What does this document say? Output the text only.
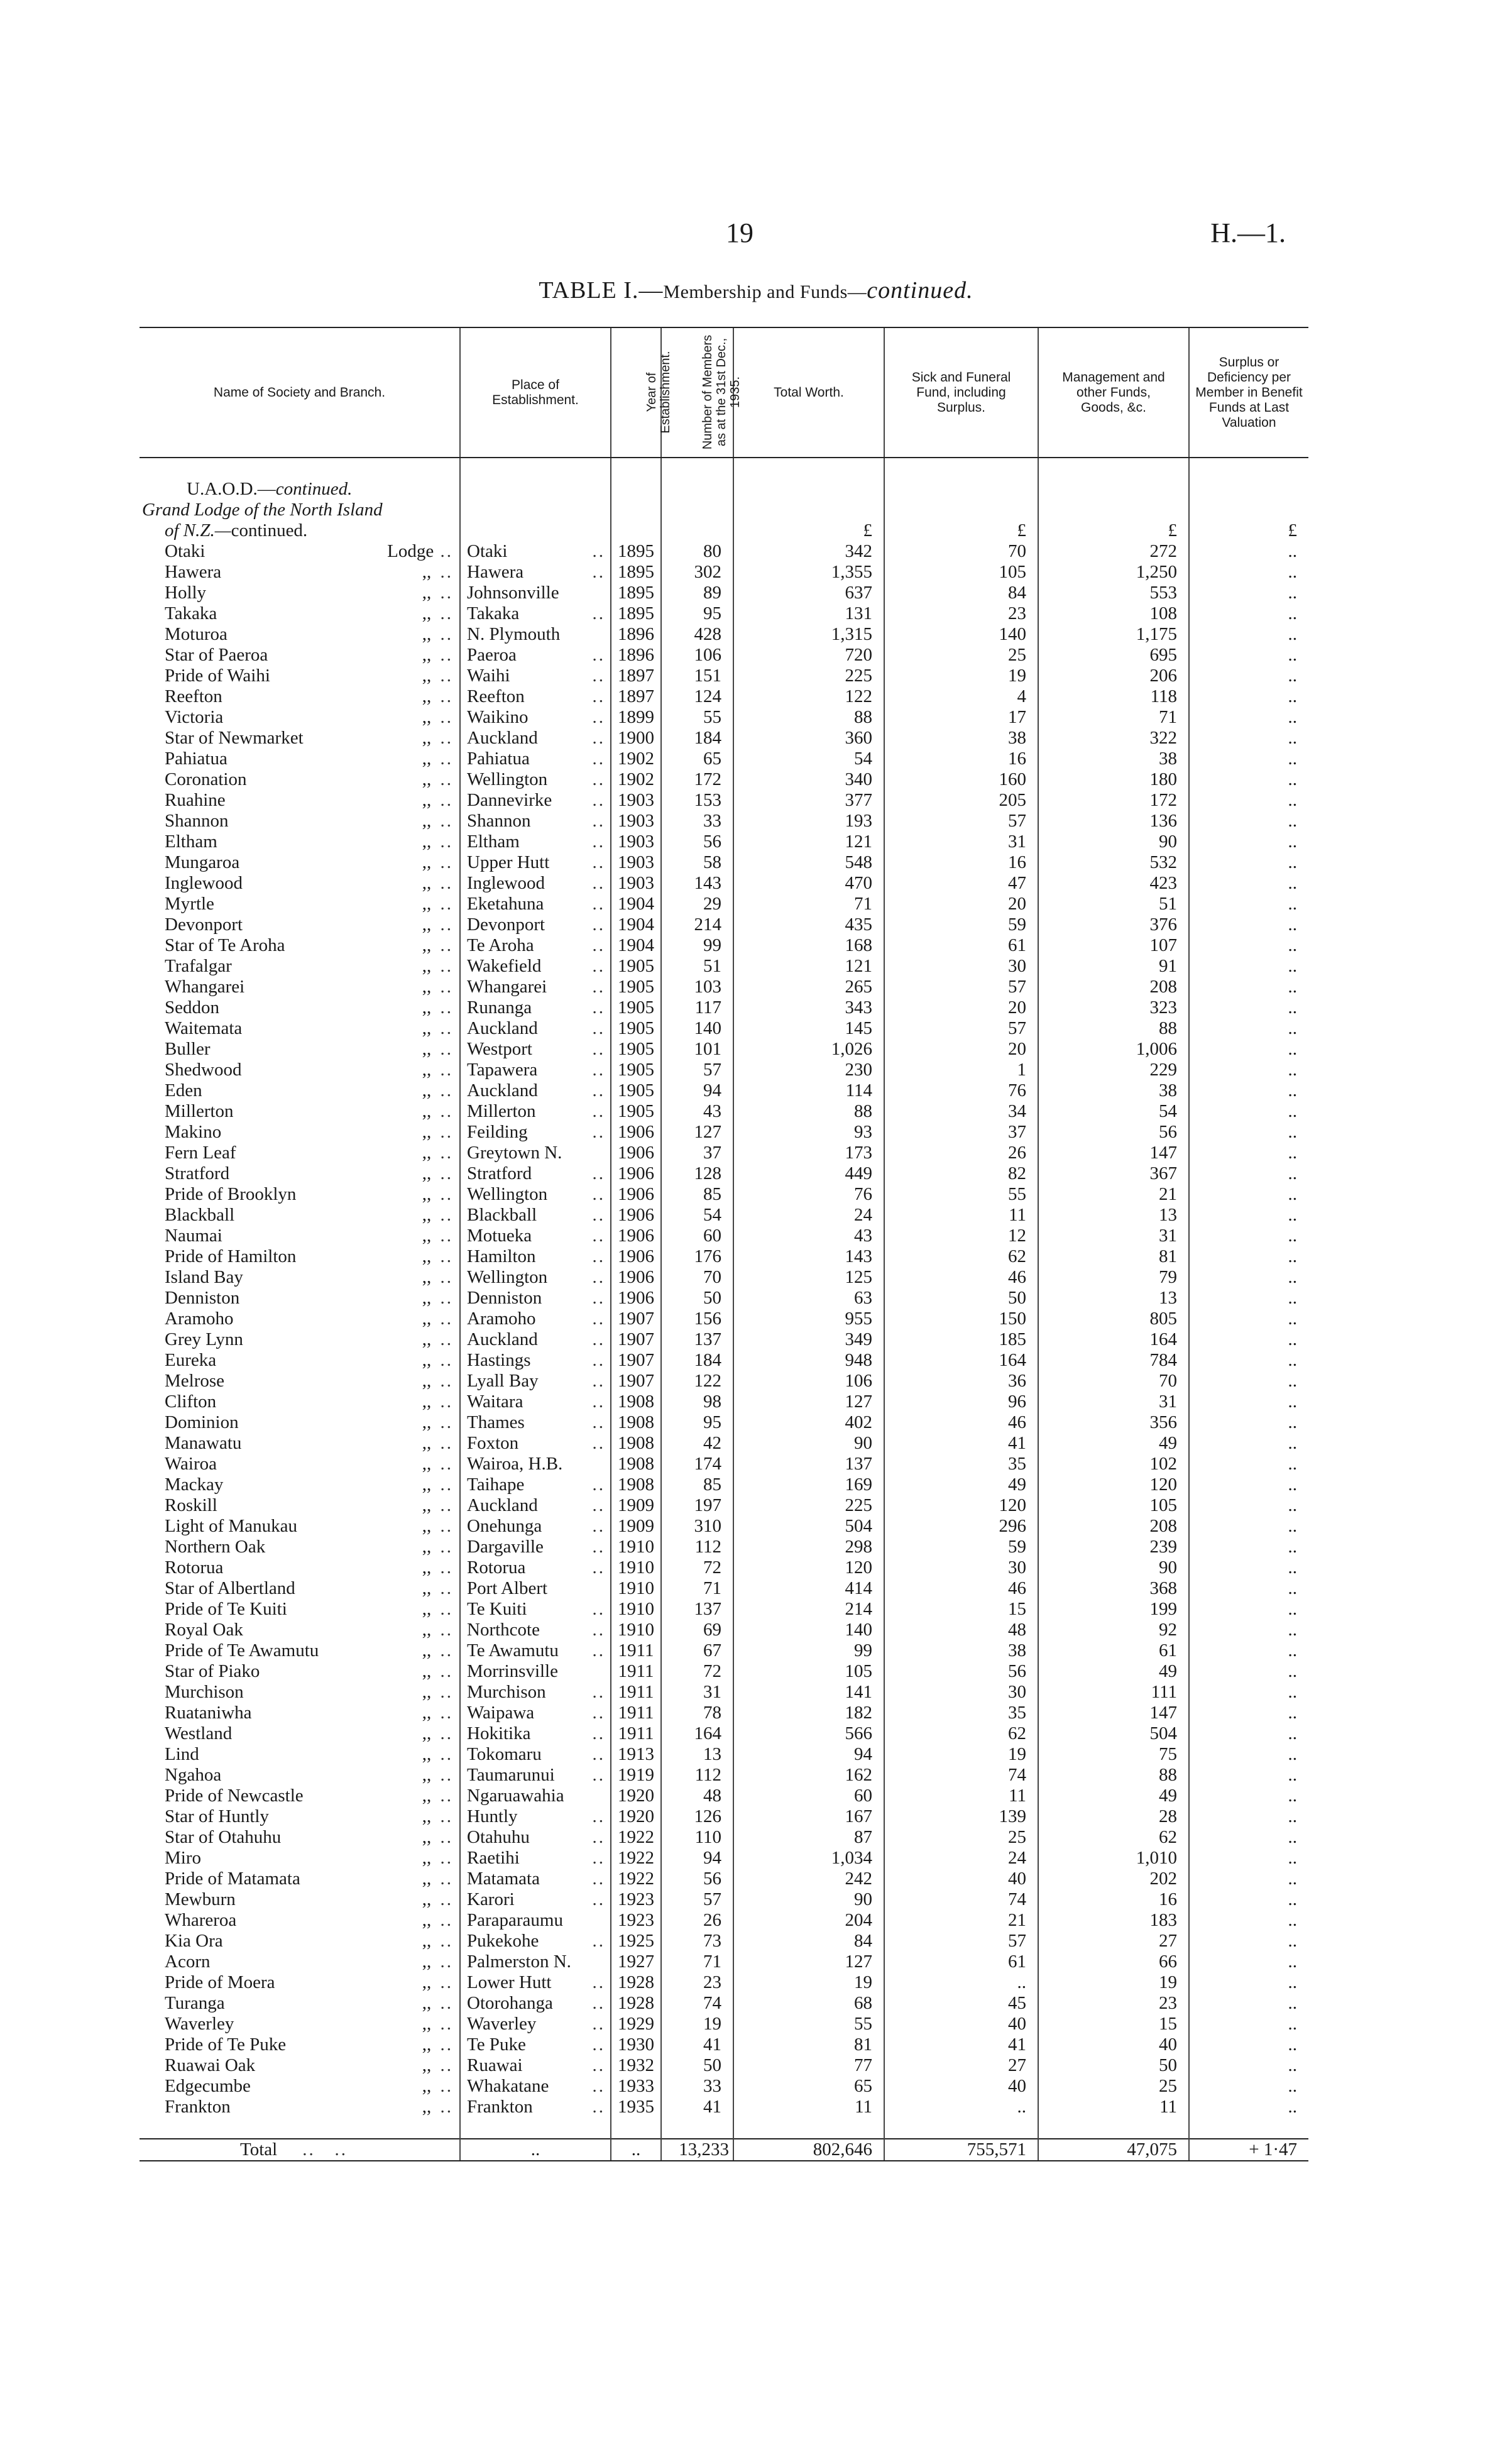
19	H.—1.
TABLE I.—Membership and Funds—continued.
Name of Society and Branch.	Place of Establishment.	Year of Establishment.	Number of Members as at the 31st Dec., 1935.	Total Worth.	Sick and Funeral Fund, including Surplus.	Management and other Funds, Goods, &c.	Surplus or Deficiency per Member in Benefit Funds at Last Valuation

U.A.O.D.—continued.							
Grand Lodge of the North Island							
of N.Z.—continued.				£	£	£	£

Otaki Lodge ..	Otaki ..	1895	80	342	70	272	..

Hawera ,, ..	Hawera ..	1895	302	1,355	105	1,250	..

Holly ,, ..	Johnsonville	1895	89	637	84	553	..

Takaka ,, ..	Takaka ..	1895	95	131	23	108	..

Moturoa ,, ..	N. Plymouth	1896	428	1,315	140	1,175	..

Star of Paeroa ,, ..	Paeroa ..	1896	106	720	25	695	..

Pride of Waihi ,, ..	Waihi ..	1897	151	225	19	206	..

Reefton ,, ..	Reefton ..	1897	124	122	4	118	..

Victoria ,, ..	Waikino ..	1899	55	88	17	71	..

Star of Newmarket ,, ..	Auckland ..	1900	184	360	38	322	..

Pahiatua ,, ..	Pahiatua ..	1902	65	54	16	38	..

Coronation ,, ..	Wellington ..	1902	172	340	160	180	..

Ruahine ,, ..	Dannevirke ..	1903	153	377	205	172	..

Shannon ,, ..	Shannon ..	1903	33	193	57	136	..

Eltham ,, ..	Eltham ..	1903	56	121	31	90	..

Mungaroa ,, ..	Upper Hutt ..	1903	58	548	16	532	..

Inglewood ,, ..	Inglewood ..	1903	143	470	47	423	..

Myrtle ,, ..	Eketahuna ..	1904	29	71	20	51	..

Devonport ,, ..	Devonport ..	1904	214	435	59	376	..

Star of Te Aroha ,, ..	Te Aroha ..	1904	99	168	61	107	..

Trafalgar ,, ..	Wakefield ..	1905	51	121	30	91	..

Whangarei ,, ..	Whangarei ..	1905	103	265	57	208	..

Seddon ,, ..	Runanga ..	1905	117	343	20	323	..

Waitemata ,, ..	Auckland ..	1905	140	145	57	88	..

Buller ,, ..	Westport ..	1905	101	1,026	20	1,006	..

Shedwood ,, ..	Tapawera ..	1905	57	230	1	229	..

Eden ,, ..	Auckland ..	1905	94	114	76	38	..

Millerton ,, ..	Millerton ..	1905	43	88	34	54	..

Makino ,, ..	Feilding ..	1906	127	93	37	56	..

Fern Leaf ,, ..	Greytown N.	1906	37	173	26	147	..

Stratford ,, ..	Stratford ..	1906	128	449	82	367	..

Pride of Brooklyn ,, ..	Wellington ..	1906	85	76	55	21	..

Blackball ,, ..	Blackball ..	1906	54	24	11	13	..

Naumai ,, ..	Motueka ..	1906	60	43	12	31	..

Pride of Hamilton ,, ..	Hamilton ..	1906	176	143	62	81	..

Island Bay ,, ..	Wellington ..	1906	70	125	46	79	..

Denniston ,, ..	Denniston ..	1906	50	63	50	13	..

Aramoho ,, ..	Aramoho ..	1907	156	955	150	805	..

Grey Lynn ,, ..	Auckland ..	1907	137	349	185	164	..

Eureka ,, ..	Hastings ..	1907	184	948	164	784	..

Melrose ,, ..	Lyall Bay ..	1907	122	106	36	70	..

Clifton ,, ..	Waitara ..	1908	98	127	96	31	..

Dominion ,, ..	Thames ..	1908	95	402	46	356	..

Manawatu ,, ..	Foxton ..	1908	42	90	41	49	..

Wairoa ,, ..	Wairoa, H.B.	1908	174	137	35	102	..

Mackay ,, ..	Taihape ..	1908	85	169	49	120	..

Roskill ,, ..	Auckland ..	1909	197	225	120	105	..

Light of Manukau ,, ..	Onehunga ..	1909	310	504	296	208	..

Northern Oak ,, ..	Dargaville ..	1910	112	298	59	239	..

Rotorua ,, ..	Rotorua ..	1910	72	120	30	90	..

Star of Albertland ,, ..	Port Albert	1910	71	414	46	368	..

Pride of Te Kuiti ,, ..	Te Kuiti ..	1910	137	214	15	199	..

Royal Oak ,, ..	Northcote ..	1910	69	140	48	92	..

Pride of Te Awamutu ,, ..	Te Awamutu ..	1911	67	99	38	61	..

Star of Piako ,, ..	Morrinsville	1911	72	105	56	49	..

Murchison ,, ..	Murchison ..	1911	31	141	30	111	..

Ruataniwha ,, ..	Waipawa ..	1911	78	182	35	147	..

Westland ,, ..	Hokitika ..	1911	164	566	62	504	..

Lind ,, ..	Tokomaru ..	1913	13	94	19	75	..

Ngahoa ,, ..	Taumarunui ..	1919	112	162	74	88	..

Pride of Newcastle ,, ..	Ngaruawahia	1920	48	60	11	49	..

Star of Huntly ,, ..	Huntly ..	1920	126	167	139	28	..

Star of Otahuhu ,, ..	Otahuhu ..	1922	110	87	25	62	..

Miro ,, ..	Raetihi ..	1922	94	1,034	24	1,010	..

Pride of Matamata ,, ..	Matamata ..	1922	56	242	40	202	..

Mewburn ,, ..	Karori ..	1923	57	90	74	16	..

Whareroa ,, ..	Paraparaumu	1923	26	204	21	183	..

Kia Ora ,, ..	Pukekohe ..	1925	73	84	57	27	..

Acorn ,, ..	Palmerston N.	1927	71	127	61	66	..

Pride of Moera ,, ..	Lower Hutt ..	1928	23	19	..	19	..

Turanga ,, ..	Otorohanga ..	1928	74	68	45	23	..

Waverley ,, ..	Waverley ..	1929	19	55	40	15	..

Pride of Te Puke ,, ..	Te Puke ..	1930	41	81	41	40	..

Ruawai Oak ,, ..	Ruawai ..	1932	50	77	27	50	..

Edgecumbe ,, ..	Whakatane ..	1933	33	65	40	25	..

Frankton ,, ..	Frankton ..	1935	41	11	..	11	..

Total ..   ..	..	..	13,233	802,646	755,571	47,075	+ 1·47
